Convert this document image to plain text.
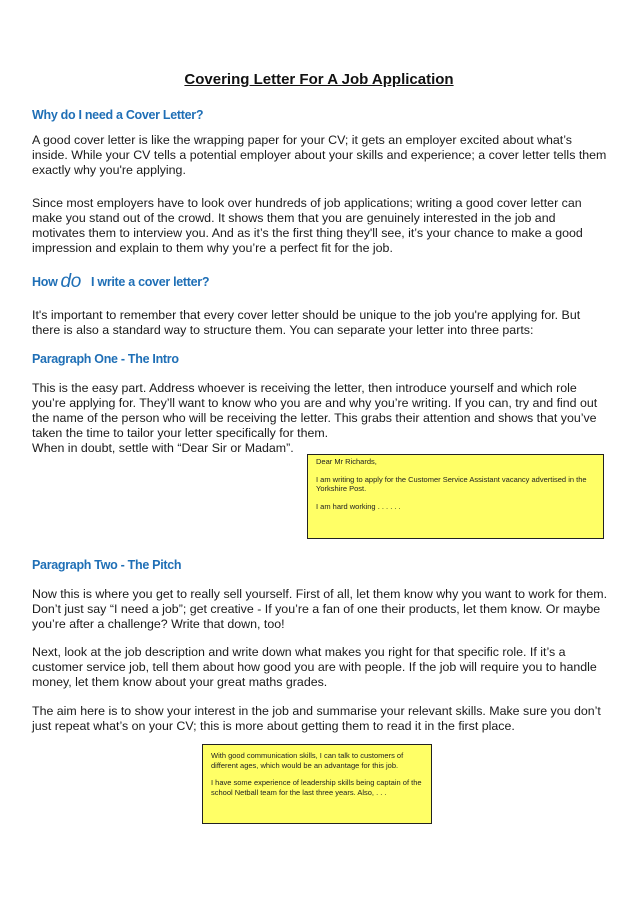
Covering Letter For A Job Application
Why do I need a Cover Letter?
A good cover letter is like the wrapping paper for your CV; it gets an employer excited about what’s inside. While your CV tells a potential employer about your skills and experience; a cover letter tells them exactly why you're applying.
Since most employers have to look over hundreds of job applications; writing a good cover letter can make you stand out of the crowd. It shows them that you are genuinely interested in the job and motivates them to interview you. And as it’s the first thing they'll see, it’s your chance to make a good impression and explain to them why you’re a perfect fit for the job.
How do I write a cover letter?
It's important to remember that every cover letter should be unique to the job you're applying for. But there is also a standard way to structure them. You can separate your letter into three parts:
Paragraph One - The Intro
This is the easy part. Address whoever is receiving the letter, then introduce yourself and which role you’re applying for. They’ll want to know who you are and why you’re writing. If you can, try and find out the name of the person who will be receiving the letter. This grabs their attention and shows that you’ve taken the time to tailor your letter specifically for them.
When in doubt, settle with “Dear Sir or Madam”.

Dear Mr Richards,

I am writing to apply for the Customer Service Assistant vacancy advertised in the Yorkshire Post.

I am hard working . . . . . .

Paragraph Two - The Pitch
Now this is where you get to really sell yourself. First of all, let them know why you want to work for them. Don’t just say “I need a job”; get creative - If you’re a fan of one their products, let them know. Or maybe you’re after a challenge? Write that down, too!
Next, look at the job description and write down what makes you right for that specific role. If it’s a customer service job, tell them about how good you are with people. If the job will require you to handle money, let them know about your great maths grades.
The aim here is to show your interest in the job and summarise your relevant skills. Make sure you don’t just repeat what’s on your CV; this is more about getting them to read it in the first place.

With good communication skills, I can talk to customers of different ages, which would be an advantage for this job.

I have some experience of leadership skills being captain of the school Netball team for the last three years. Also, . . .
